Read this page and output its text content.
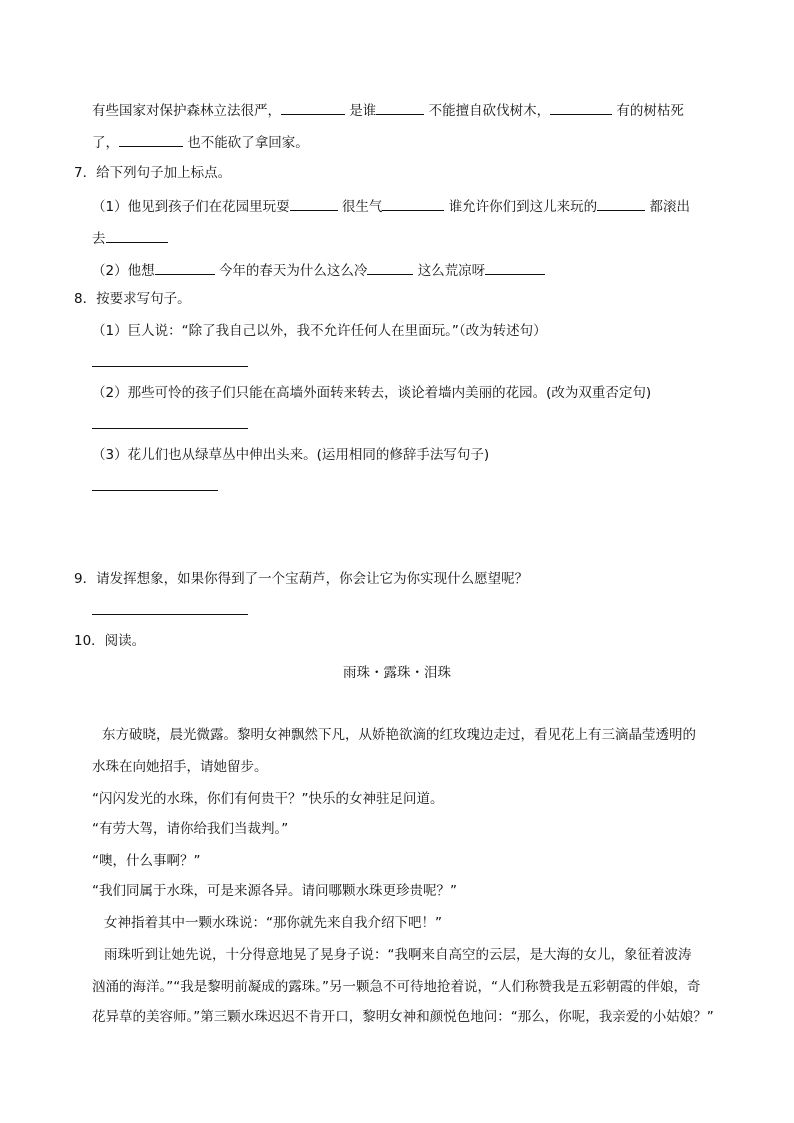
有些国家对保护森林立法很严，	是谁	不能擅自砍伐树木，	有的树枯死
了，	也不能砍了拿回家。
7．给下列句子加上标点。
（1）他见到孩子们在花园里玩耍	很生气	谁允许你们到这儿来玩的	都滚出
去
（2）他想	今年的春天为什么这么冷	这么荒凉呀
8．按要求写句子。
（1）巨人说：“除了我自己以外，我不允许任何人在里面玩。”（改为转述句）
（2）那些可怜的孩子们只能在高墙外面转来转去，谈论着墙内美丽的花园。(改为双重否定句)
（3）花儿们也从绿草丛中伸出头来。(运用相同的修辞手法写句子)
9．请发挥想象，如果你得到了一个宝葫芦，你会让它为你实现什么愿望呢？
10．阅读。
雨珠・露珠・泪珠
东方破晓，晨光微露。黎明女神飘然下凡，从娇艳欲滴的红玫瑰边走过，看见花上有三滴晶莹透明的
水珠在向她招手，请她留步。
“闪闪发光的水珠，你们有何贵干？”快乐的女神驻足问道。
“有劳大驾，请你给我们当裁判。”
“噢，什么事啊？”
“我们同属于水珠，可是来源各异。请问哪颗水珠更珍贵呢？”
女神指着其中一颗水珠说：“那你就先来自我介绍下吧！”
雨珠听到让她先说，十分得意地晃了晃身子说：“我啊来自高空的云层，是大海的女儿，象征着波涛
汹涌的海洋。”“我是黎明前凝成的露珠。”另一颗急不可待地抢着说，“人们称赞我是五彩朝霞的伴娘，奇
花异草的美容师。”第三颗水珠迟迟不肯开口，黎明女神和颜悦色地问：“那么，你呢，我亲爱的小姑娘？”
